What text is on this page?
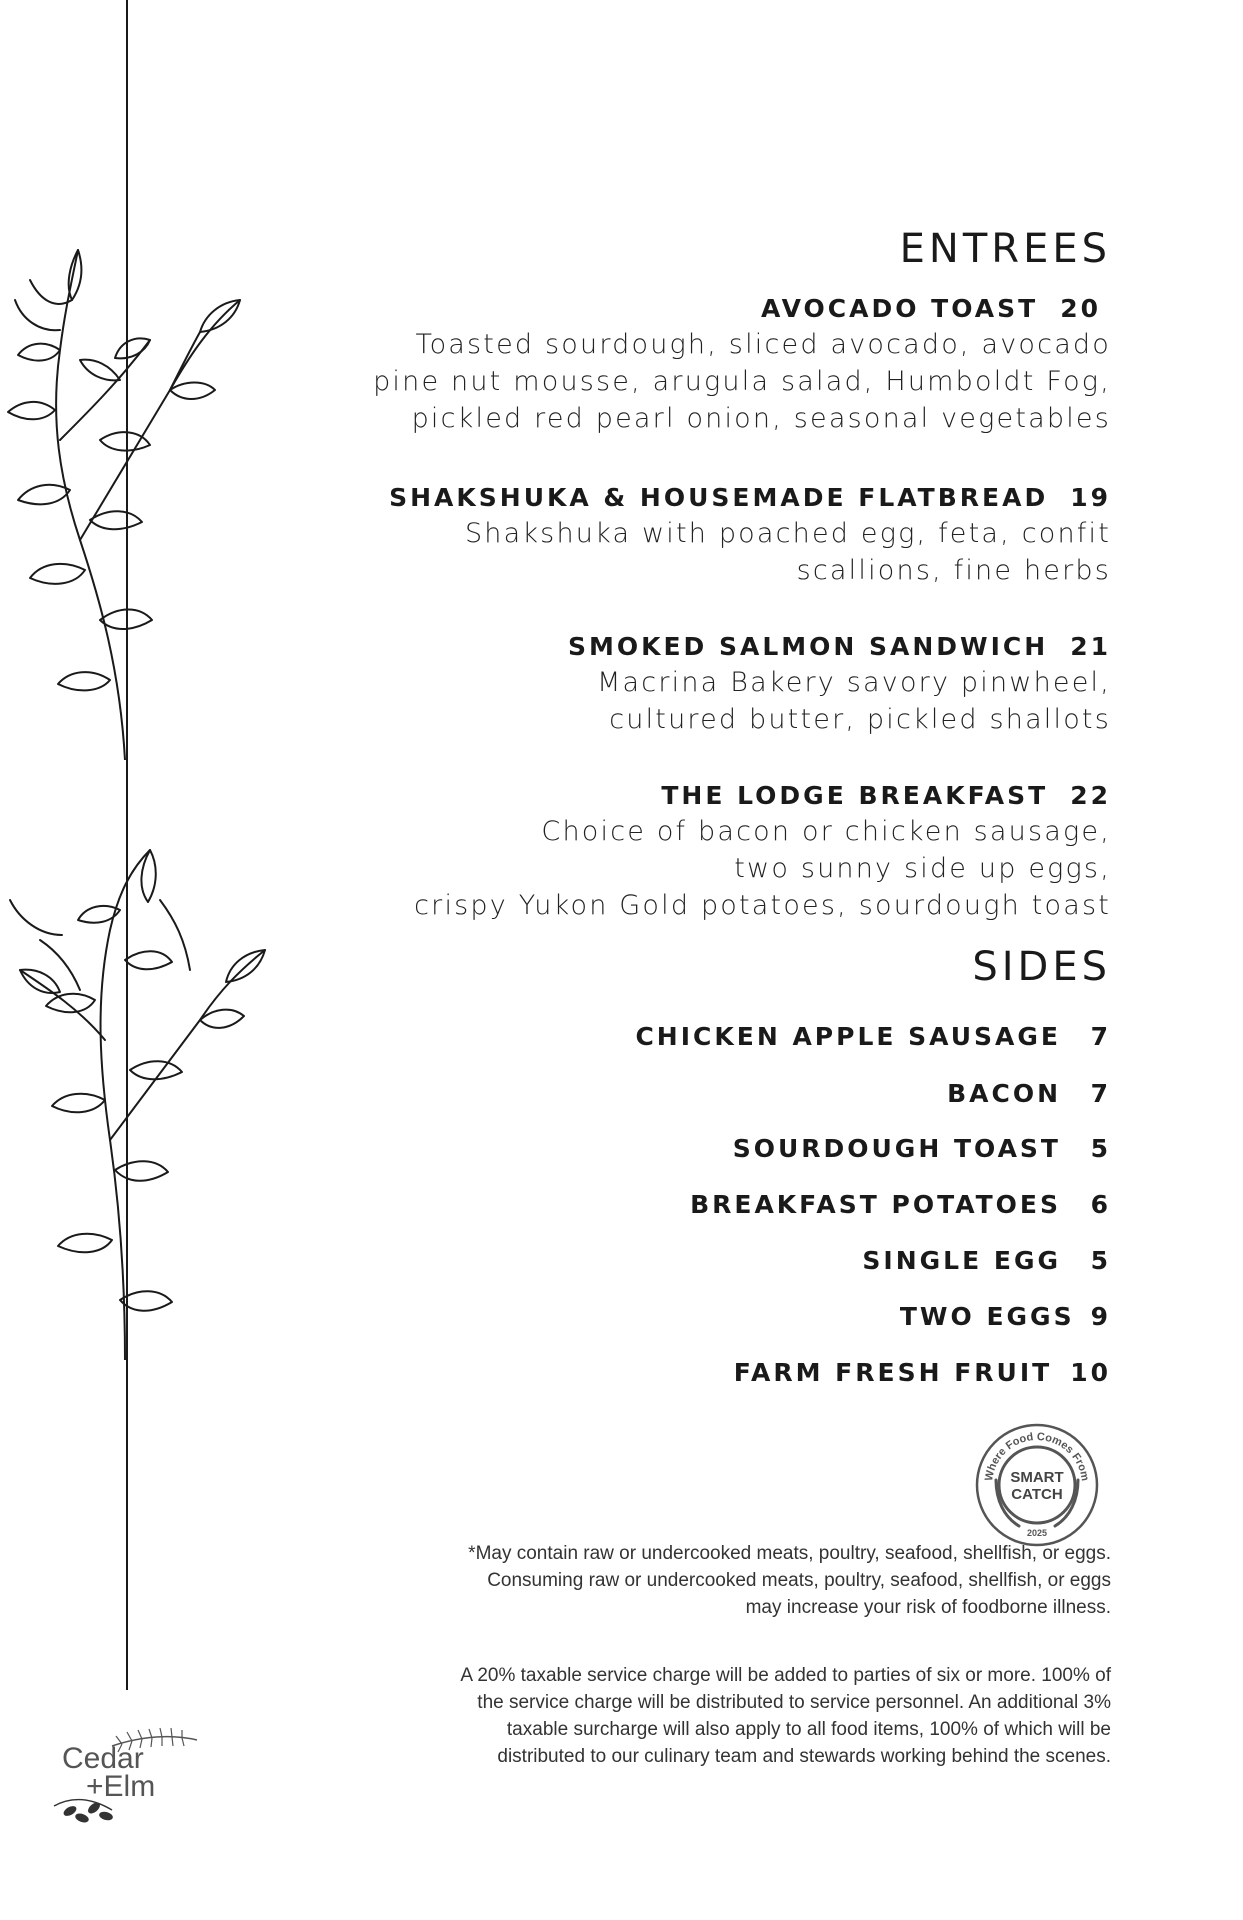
ENTREES
AVOCADO TOAST 20
Toasted sourdough, sliced avocado, avocado
pine nut mousse, arugula salad, Humboldt Fog,
pickled red pearl onion, seasonal vegetables
SHAKSHUKA & HOUSEMADE FLATBREAD 19
Shakshuka with poached egg, feta, confit
scallions, fine herbs
SMOKED SALMON SANDWICH 21
Macrina Bakery savory pinwheel,
cultured butter, pickled shallots
THE LODGE BREAKFAST 22
Choice of bacon or chicken sausage,
two sunny side up eggs,
crispy Yukon Gold potatoes, sourdough toast
SIDES
CHICKEN APPLE SAUSAGE 7
BACON 7
SOURDOUGH TOAST 5
BREAKFAST POTATOES 6
SINGLE EGG 5
TWO EGGS 9
FARM FRESH FRUIT 10
Where Food Comes From
SMART
CATCH
2025
*May contain raw or undercooked meats, poultry, seafood, shellfish, or eggs.
Consuming raw or undercooked meats, poultry, seafood, shellfish, or eggs
may increase your risk of foodborne illness.
A 20% taxable service charge will be added to parties of six or more. 100% of
the service charge will be distributed to service personnel. An additional 3%
taxable surcharge will also apply to all food items, 100% of which will be
distributed to our culinary team and stewards working behind the scenes.
Cedar
+Elm
